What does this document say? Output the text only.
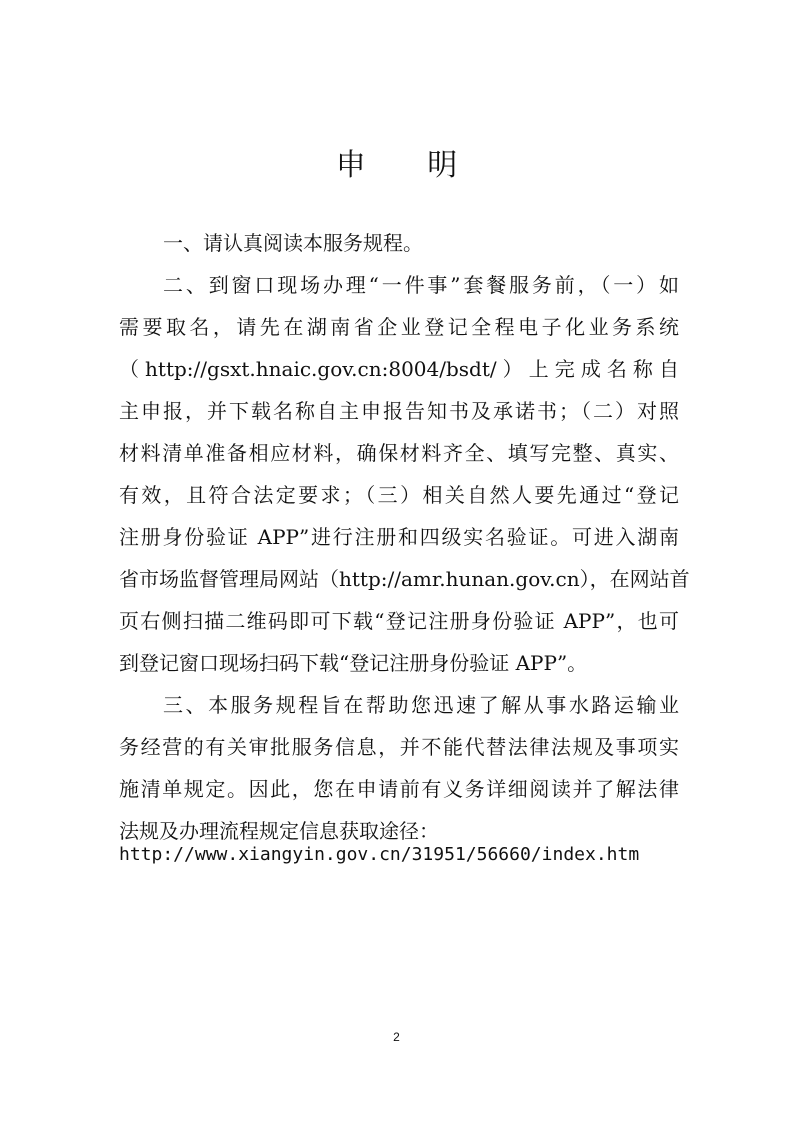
申 明
一、请认真阅读本服务规程。
二、到窗口现场办理“一件事”套餐服务前，（一）如
需要取名，请先在湖南省企业登记全程电子化业务系统
（http://gsxt.hnaic.gov.cn:8004/bsdt/）上完成名称自
主申报，并下载名称自主申报告知书及承诺书；（二）对照
材料清单准备相应材料，确保材料齐全、填写完整、真实、
有效，且符合法定要求；（三）相关自然人要先通过“登记
注册身份验证 APP”进行注册和四级实名验证。可进入湖南
省市场监督管理局网站（http://amr.hunan.gov.cn），在网站首
页右侧扫描二维码即可下载“登记注册身份验证 APP”，也可
到登记窗口现场扫码下载“登记注册身份验证 APP”。
三、本服务规程旨在帮助您迅速了解从事水路运输业
务经营的有关审批服务信息，并不能代替法律法规及事项实
施清单规定。因此，您在申请前有义务详细阅读并了解法律
法规及办理流程规定信息获取途径：
http://www.xiangyin.gov.cn/31951/56660/index.htm
2
